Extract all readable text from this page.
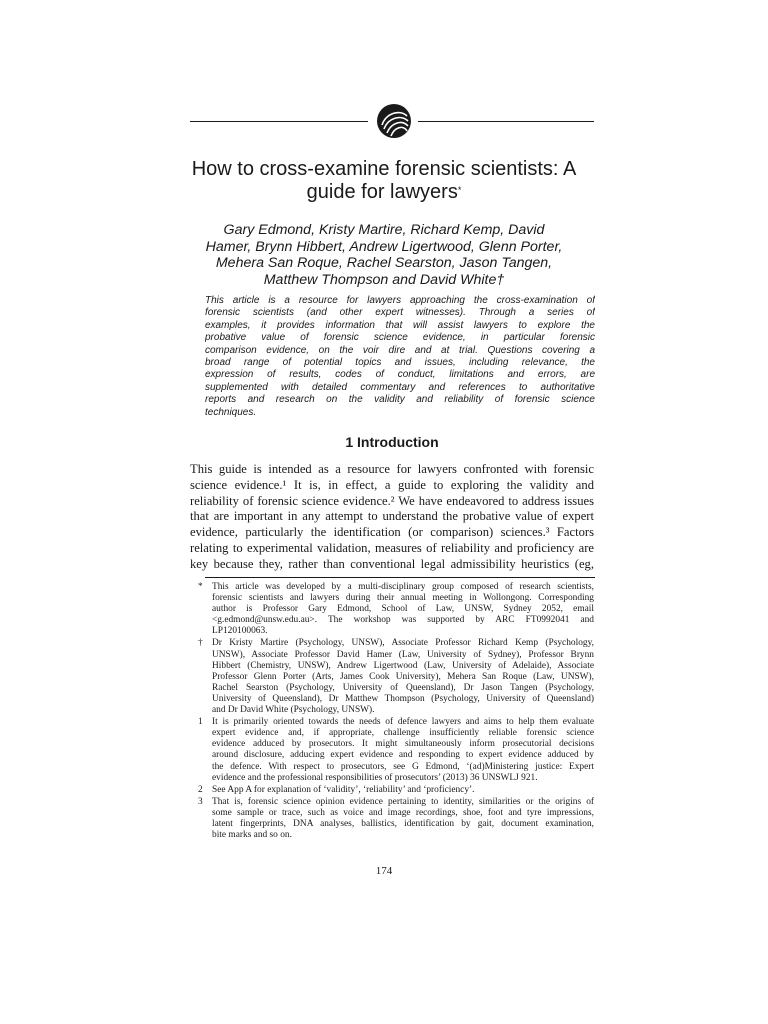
How to cross-examine forensic scientists: A
guide for lawyers*
Gary Edmond, Kristy Martire, Richard Kemp, David
Hamer, Brynn Hibbert, Andrew Ligertwood, Glenn Porter,
Mehera San Roque, Rachel Searston, Jason Tangen,
Matthew Thompson and David White†
This article is a resource for lawyers approaching the cross-examination of
forensic scientists (and other expert witnesses). Through a series of
examples, it provides information that will assist lawyers to explore the
probative value of forensic science evidence, in particular forensic
comparison evidence, on the voir dire and at trial. Questions covering a
broad range of potential topics and issues, including relevance, the
expression of results, codes of conduct, limitations and errors, are
supplemented with detailed commentary and references to authoritative
reports and research on the validity and reliability of forensic science
techniques.
1 Introduction
This guide is intended as a resource for lawyers confronted with forensic
science evidence.¹ It is, in effect, a guide to exploring the validity and
reliability of forensic science evidence.² We have endeavored to address issues
that are important in any attempt to understand the probative value of expert
evidence, particularly the identification (or comparison) sciences.³ Factors
relating to experimental validation, measures of reliability and proficiency are
key because they, rather than conventional legal admissibility heuristics (eg,
* This article was developed by a multi-disciplinary group composed of research scientists,
forensic scientists and lawyers during their annual meeting in Wollongong. Corresponding
author is Professor Gary Edmond, School of Law, UNSW, Sydney 2052, email
<g.edmond@unsw.edu.au>. The workshop was supported by ARC FT0992041 and
LP120100063.
† Dr Kristy Martire (Psychology, UNSW), Associate Professor Richard Kemp (Psychology,
UNSW), Associate Professor David Hamer (Law, University of Sydney), Professor Brynn
Hibbert (Chemistry, UNSW), Andrew Ligertwood (Law, University of Adelaide), Associate
Professor Glenn Porter (Arts, James Cook University), Mehera San Roque (Law, UNSW),
Rachel Searston (Psychology, University of Queensland), Dr Jason Tangen (Psychology,
University of Queensland), Dr Matthew Thompson (Psychology, University of Queensland)
and Dr David White (Psychology, UNSW).
1 It is primarily oriented towards the needs of defence lawyers and aims to help them evaluate
expert evidence and, if appropriate, challenge insufficiently reliable forensic science
evidence adduced by prosecutors. It might simultaneously inform prosecutorial decisions
around disclosure, adducing expert evidence and responding to expert evidence adduced by
the defence. With respect to prosecutors, see G Edmond, ‘(ad)Ministering justice: Expert
evidence and the professional responsibilities of prosecutors’ (2013) 36 UNSWLJ 921.
2 See App A for explanation of ‘validity’, ‘reliability’ and ‘proficiency’.
3 That is, forensic science opinion evidence pertaining to identity, similarities or the origins of
some sample or trace, such as voice and image recordings, shoe, foot and tyre impressions,
latent fingerprints, DNA analyses, ballistics, identification by gait, document examination,
bite marks and so on.
174
